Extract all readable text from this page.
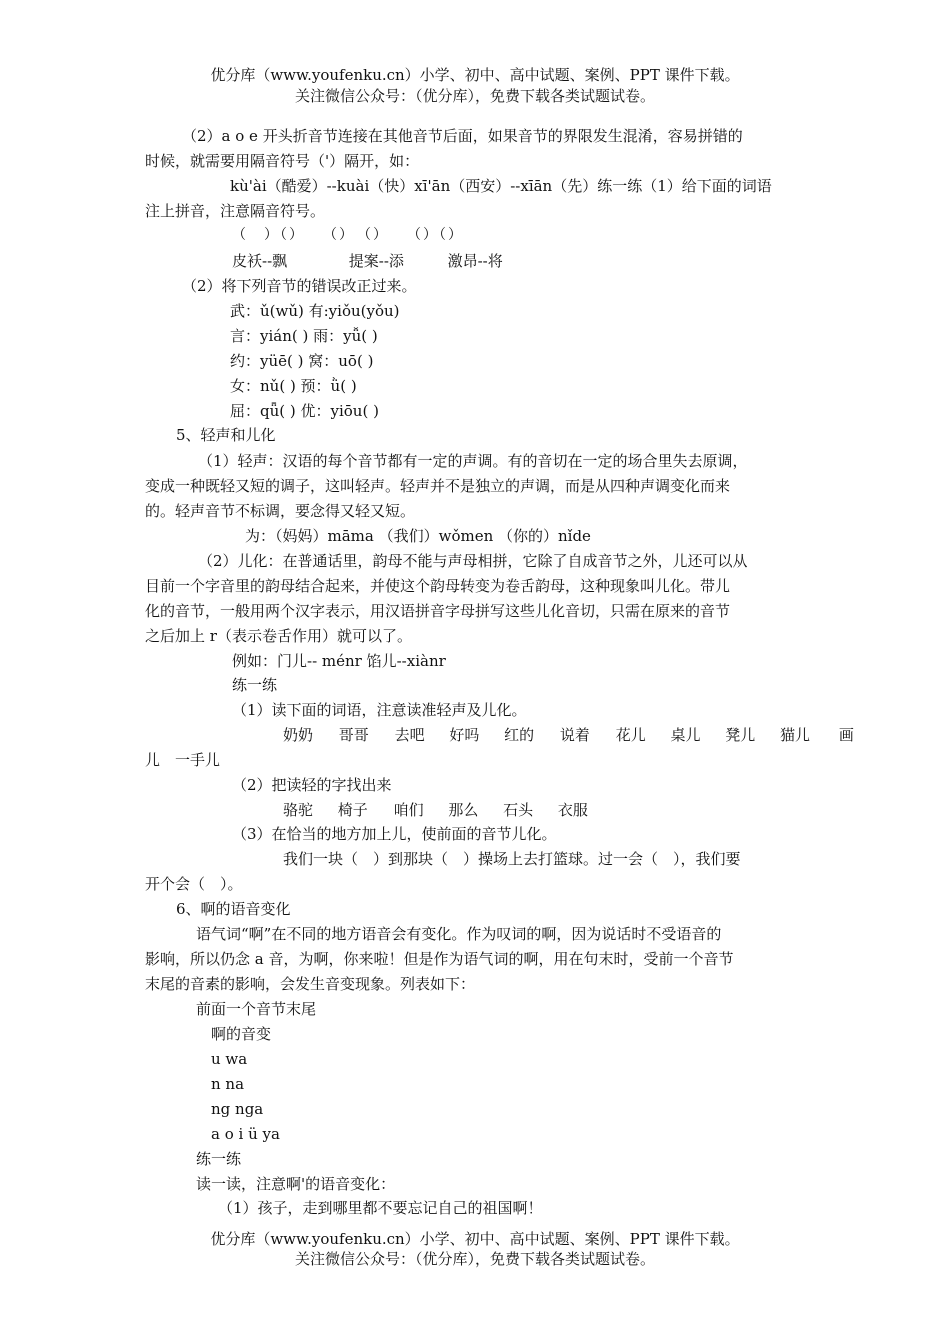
优分库（www.youfenku.cn）小学、初中、高中试题、案例、PPT 课件下载。
关注微信公众号：（优分库），免费下载各类试题试卷。
（2）a o e 开头折音节连接在其他音节后面，如果音节的界限发生混淆，容易拼错的
时候，就需要用隔音符号（'）隔开，如：
kù'ài（酷爱）--kuài（快）xī'ān（西安）--xīān（先）练一练（1）给下面的词语
注上拼音，注意隔音符号。
（　）（）　　（）　（）　　（）（）
皮袄--飘	提案--添	激昂--将
（2）将下列音节的错误改正过来。
武：ǔ(wǔ) 有:yiǒu(yǒu)
言：yián( ) 雨：yǚ( )
约：yüē( ) 窝：uō( )
女：nǔ( ) 预：ǜ( )
屈：qǖ( ) 优：yiōu( )
5、轻声和儿化
（1）轻声：汉语的每个音节都有一定的声调。有的音切在一定的场合里失去原调，
变成一种既轻又短的调子，这叫轻声。轻声并不是独立的声调，而是从四种声调变化而来
的。轻声音节不标调，要念得又轻又短。
为：（妈妈）māma （我们）wǒmen （你的）nǐde
（2）儿化：在普通话里，韵母不能与声母相拼，它除了自成音节之外，儿还可以从
目前一个字音里的韵母结合起来，并使这个韵母转变为卷舌韵母，这种现象叫儿化。带儿
化的音节，一般用两个汉字表示，用汉语拼音字母拼写这些儿化音切，只需在原来的音节
之后加上 r（表示卷舌作用）就可以了。
例如：门儿-- ménr 馅儿--xiànr
练一练
（1）读下面的词语，注意读准轻声及儿化。
奶奶 哥哥 去吧 好吗 红的 说着 花儿 桌儿 凳儿 猫儿 画
儿　一手儿
（2）把读轻的字找出来
骆驼 椅子 咱们 那么 石头 衣服
（3）在恰当的地方加上儿，使前面的音节儿化。
我们一块（　）到那块（　）操场上去打篮球。过一会（　），我们要
开个会（　）。
6、啊的语音变化
语气词“啊”在不同的地方语音会有变化。作为叹词的啊，因为说话时不受语音的
影响，所以仍念 a 音，为啊，你来啦！但是作为语气词的啊，用在句末时，受前一个音节
末尾的音素的影响，会发生音变现象。列表如下：
前面一个音节末尾
啊的音变
u wa
n na
ng nga
a o i ü ya
练一练
读一读，注意啊'的语音变化：
（1）孩子，走到哪里都不要忘记自己的祖国啊！
优分库（www.youfenku.cn）小学、初中、高中试题、案例、PPT 课件下载。
关注微信公众号：（优分库），免费下载各类试题试卷。
